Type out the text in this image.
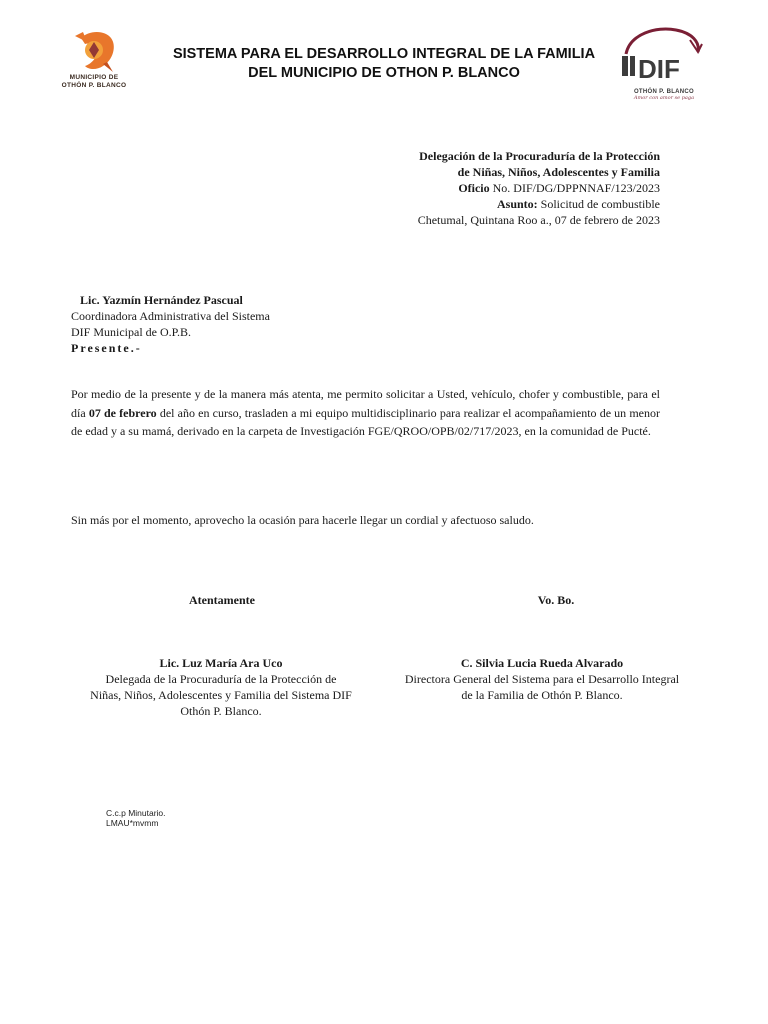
MUNICIPIO DE
OTHÓN P. BLANCO
SISTEMA PARA EL DESARROLLO INTEGRAL DE LA FAMILIA
DEL MUNICIPIO DE OTHON P. BLANCO	DIF
OTHÓN P. BLANCO
Amor con amor se paga
Delegación de la Procuraduría de la Protección
de Niñas, Niños, Adolescentes y Familia
Oficio No. DIF/DG/DPPNNAF/123/2023
Asunto: Solicitud de combustible
Chetumal, Quintana Roo a., 07 de febrero de 2023
Lic. Yazmín Hernández Pascual
Coordinadora Administrativa del Sistema
DIF Municipal de O.P.B.
Presente.-
Por medio de la presente y de la manera más atenta, me permito solicitar a Usted, vehículo, chofer y combustible, para el día 07 de febrero del año en curso, trasladen a mi equipo multidisciplinario para realizar el acompañamiento de un menor de edad y a su mamá, derivado en la carpeta de Investigación FGE/QROO/OPB/02/717/2023, en la comunidad de Pucté.
Sin más por el momento, aprovecho la ocasión para hacerle llegar un cordial y afectuoso saludo.
Atentamente	Vo. Bo.
Lic. Luz María Ara Uco
Delegada de la Procuraduría de la Protección de
Niñas, Niños, Adolescentes y Familia del Sistema DIF
Othón P. Blanco.
C. Silvia Lucia Rueda Alvarado
Directora General del Sistema para el Desarrollo Integral
de la Familia de Othón P. Blanco.
C.c.p Minutario.
LMAU*mvmm
